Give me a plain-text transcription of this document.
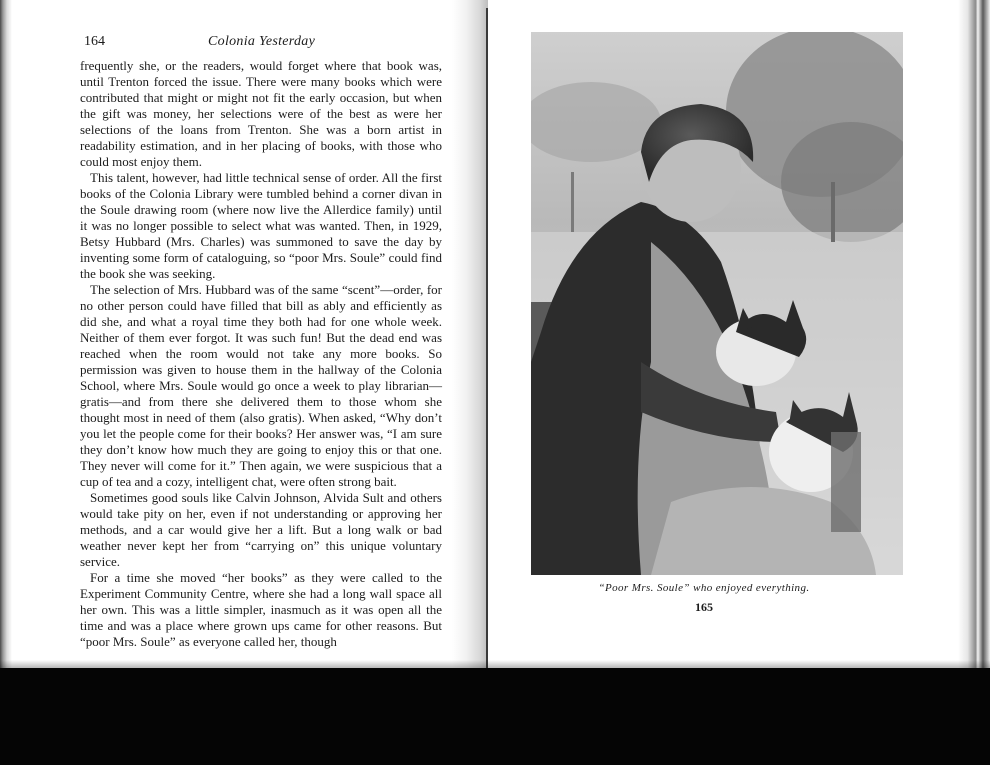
164	Colonia Yesterday

frequently she, or the readers, would forget where that book was, until Trenton forced the issue. There were many books which were contributed that might or might not fit the early occasion, but when the gift was money, her selections were of the best as were her selections of the loans from Trenton. She was a born artist in readability estimation, and in her placing of books, with those who could most enjoy them.

This talent, however, had little technical sense of order. All the first books of the Colonia Library were tumbled behind a corner divan in the Soule drawing room (where now live the Allerdice family) until it was no longer possible to select what was wanted. Then, in 1929, Betsy Hubbard (Mrs. Charles) was summoned to save the day by inventing some form of cataloguing, so “poor Mrs. Soule” could find the book she was seeking.

The selection of Mrs. Hubbard was of the same “scent”—order, for no other person could have filled that bill as ably and efficiently as did she, and what a royal time they both had for one whole week. Neither of them ever forgot. It was such fun! But the dead end was reached when the room would not take any more books. So permission was given to house them in the hallway of the Colonia School, where Mrs. Soule would go once a week to play librarian—gratis—and from there she delivered them to those whom she thought most in need of them (also gratis). When asked, “Why don’t you let the people come for their books? Her answer was, “I am sure they don’t know how much they are going to enjoy this or that one. They never will come for it.” Then again, we were suspicious that a cup of tea and a cozy, intelligent chat, were often strong bait.

Sometimes good souls like Calvin Johnson, Alvida Sult and others would take pity on her, even if not understanding or approving her methods, and a car would give her a lift. But a long walk or bad weather never kept her from “carrying on” this unique voluntary service.

For a time she moved “her books” as they were called to the Experiment Community Centre, where she had a long wall space all her own. This was a little simpler, inasmuch as it was open all the time and was a place where grown ups came for other reasons. But “poor Mrs. Soule” as everyone called her, though

“Poor Mrs. Soule” who enjoyed everything.
165
